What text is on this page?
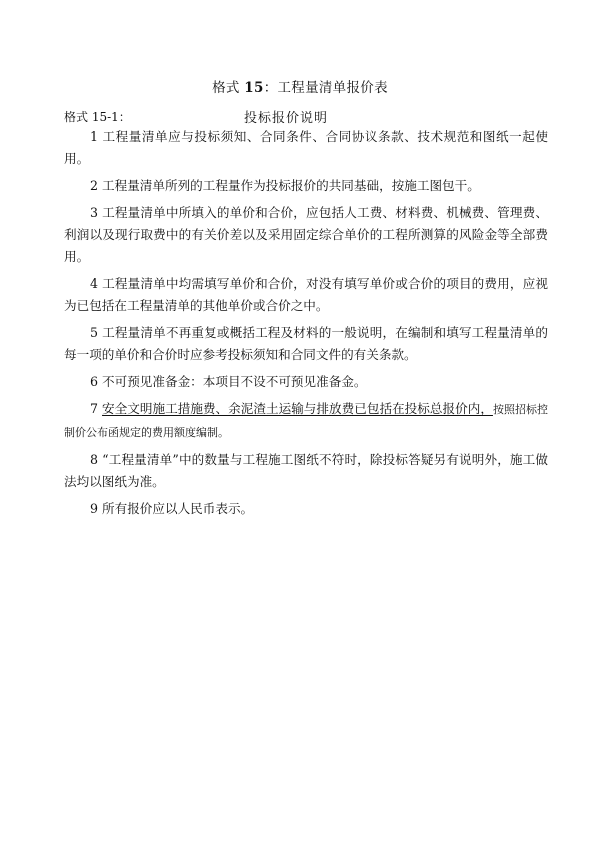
格式 15：工程量清单报价表
格式 15-1：	投标报价说明

1 工程量清单应与投标须知、合同条件、合同协议条款、技术规范和图纸一起使用。

2 工程量清单所列的工程量作为投标报价的共同基础，按施工图包干。

3 工程量清单中所填入的单价和合价，应包括人工费、材料费、机械费、管理费、利润以及现行取费中的有关价差以及采用固定综合单价的工程所测算的风险金等全部费用。

4 工程量清单中均需填写单价和合价，对没有填写单价或合价的项目的费用，应视为已包括在工程量清单的其他单价或合价之中。

5 工程量清单不再重复或概括工程及材料的一般说明，在编制和填写工程量清单的每一项的单价和合价时应参考投标须知和合同文件的有关条款。

6 不可预见准备金：本项目不设不可预见准备金。

7 安全文明施工措施费、余泥渣土运输与排放费已包括在投标总报价内，按照招标控制价公布函规定的费用额度编制。

8 “工程量清单”中的数量与工程施工图纸不符时，除投标答疑另有说明外，施工做法均以图纸为准。

9 所有报价应以人民币表示。
